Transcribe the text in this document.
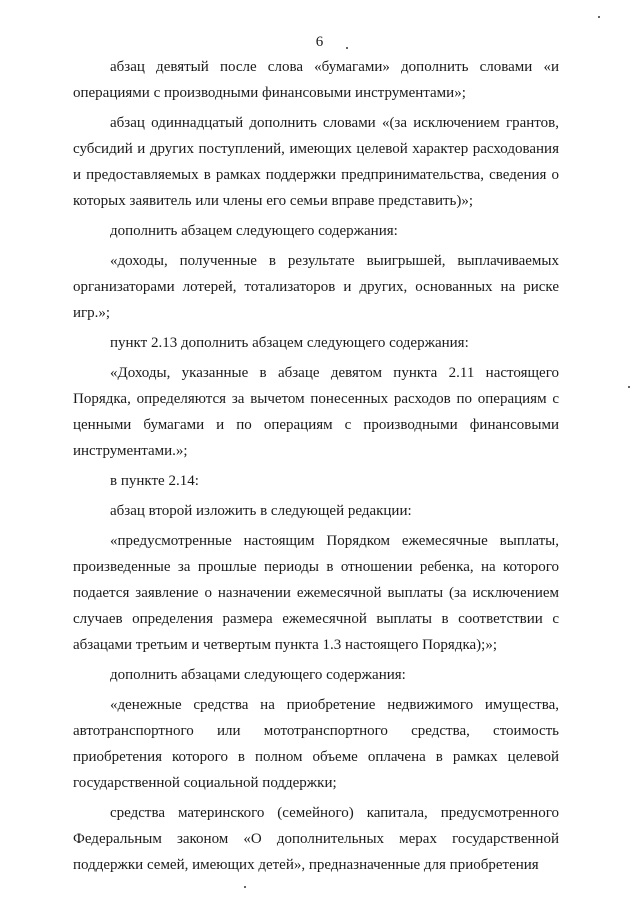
6

абзац девятый после слова «бумагами» дополнить словами «и операциями с производными финансовыми инструментами»;

абзац одиннадцатый дополнить словами «(за исключением грантов, субсидий и других поступлений, имеющих целевой характер расходования и предоставляемых в рамках поддержки предпринимательства, сведения о которых заявитель или члены его семьи вправе представить)»;

дополнить абзацем следующего содержания:

«доходы, полученные в результате выигрышей, выплачиваемых организаторами лотерей, тотализаторов и других, основанных на риске игр.»;

пункт 2.13 дополнить абзацем следующего содержания:

«Доходы, указанные в абзаце девятом пункта 2.11 настоящего Порядка, определяются за вычетом понесенных расходов по операциям с ценными бумагами и по операциям с производными финансовыми инструментами.»;

в пункте 2.14:

абзац второй изложить в следующей редакции:

«предусмотренные настоящим Порядком ежемесячные выплаты, произведенные за прошлые периоды в отношении ребенка, на которого подается заявление о назначении ежемесячной выплаты (за исключением случаев определения размера ежемесячной выплаты в соответствии с абзацами третьим и четвертым пункта 1.3 настоящего Порядка);»;

дополнить абзацами следующего содержания:

«денежные средства на приобретение недвижимого имущества, автотранспортного или мототранспортного средства, стоимость приобретения которого в полном объеме оплачена в рамках целевой государственной социальной поддержки;

средства материнского (семейного) капитала, предусмотренного Федеральным законом «О дополнительных мерах государственной поддержки семей, имеющих детей», предназначенные для приобретения
